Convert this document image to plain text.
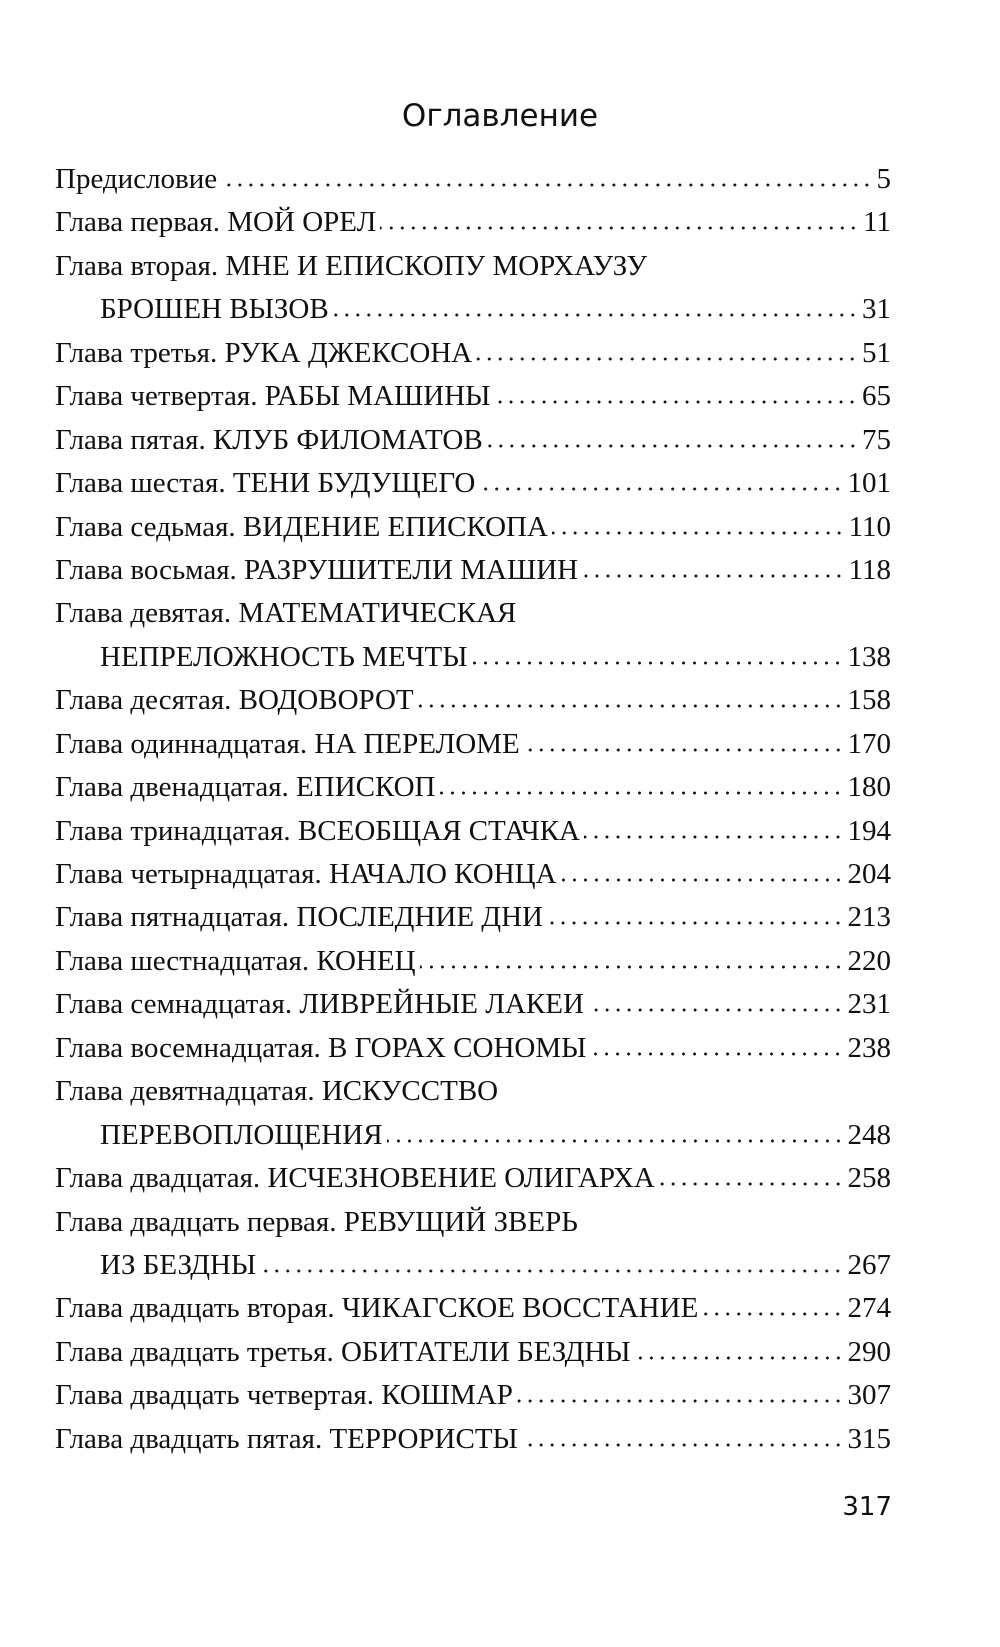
Оглавление
Предисловие	5
Глава первая. МОЙ ОРЕЛ	11
Глава вторая. МНЕ И ЕПИСКОПУ МОРХАУЗУ
БРОШЕН ВЫЗОВ	31
Глава третья. РУКА ДЖЕКСОНА	51
Глава четвертая. РАБЫ МАШИНЫ	65
Глава пятая. КЛУБ ФИЛОМАТОВ	75
Глава шестая. ТЕНИ БУДУЩЕГО	101
Глава седьмая. ВИДЕНИЕ ЕПИСКОПА	110
Глава восьмая. РАЗРУШИТЕЛИ МАШИН	118
Глава девятая. МАТЕМАТИЧЕСКАЯ
НЕПРЕЛОЖНОСТЬ МЕЧТЫ	138
Глава десятая. ВОДОВОРОТ	158
Глава одиннадцатая. НА ПЕРЕЛОМЕ	170
Глава двенадцатая. ЕПИСКОП	180
Глава тринадцатая. ВСЕОБЩАЯ СТАЧКА	194
Глава четырнадцатая. НАЧАЛО КОНЦА	204
Глава пятнадцатая. ПОСЛЕДНИЕ ДНИ	213
Глава шестнадцатая. КОНЕЦ	220
Глава семнадцатая. ЛИВРЕЙНЫЕ ЛАКЕИ	231
Глава восемнадцатая. В ГОРАХ СОНОМЫ	238
Глава девятнадцатая. ИСКУССТВО
ПЕРЕВОПЛОЩЕНИЯ	248
Глава двадцатая. ИСЧЕЗНОВЕНИЕ ОЛИГАРХА	258
Глава двадцать первая. РЕВУЩИЙ ЗВЕРЬ
ИЗ БЕЗДНЫ	267
Глава двадцать вторая. ЧИКАГСКОЕ ВОССТАНИЕ	274
Глава двадцать третья. ОБИТАТЕЛИ БЕЗДНЫ	290
Глава двадцать четвертая. КОШМАР	307
Глава двадцать пятая. ТЕРРОРИСТЫ	315
317
